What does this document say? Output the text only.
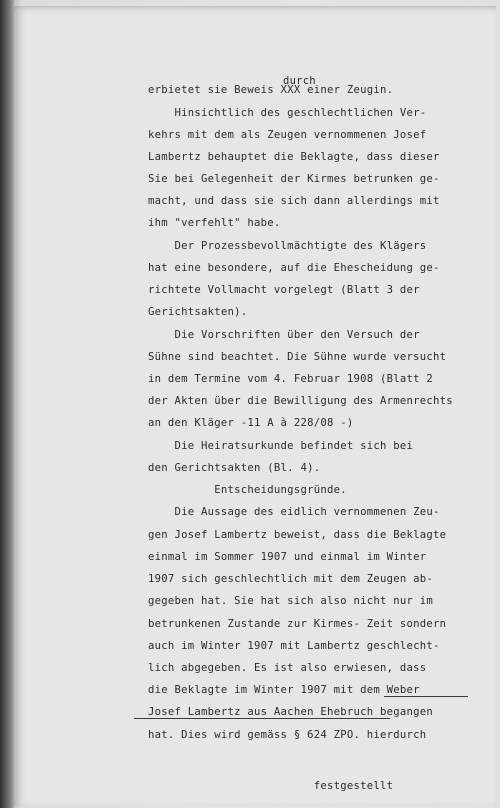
durch
erbietet sie Beweis XXX einer Zeugin.
Hinsichtlich des geschlechtlichen Ver-
kehrs mit dem als Zeugen vernommenen Josef
Lambertz behauptet die Beklagte, dass dieser
Sie bei Gelegenheit der Kirmes betrunken ge-
macht, und dass sie sich dann allerdings mit
ihm "verfehlt" habe.
Der Prozessbevollmächtigte des Klägers
hat eine besondere, auf die Ehescheidung ge-
richtete Vollmacht vorgelegt (Blatt 3 der
Gerichtsakten).
Die Vorschriften über den Versuch der
Sühne sind beachtet. Die Sühne wurde versucht
in dem Termine vom 4. Februar 1908 (Blatt 2
der Akten über die Bewilligung des Armenrechts
an den Kläger -11 A à 228/08 -)
Die Heiratsurkunde befindet sich bei
den Gerichtsakten (Bl. 4).
Entscheidungsgründe.
Die Aussage des eidlich vernommenen Zeu-
gen Josef Lambertz beweist, dass die Beklagte
einmal im Sommer 1907 und einmal im Winter
1907 sich geschlechtlich mit dem Zeugen ab-
gegeben hat. Sie hat sich also nicht nur im
betrunkenen Zustande zur Kirmes- Zeit sondern
auch im Winter 1907 mit Lambertz geschlecht-
lich abgegeben. Es ist also erwiesen, dass
die Beklagte im Winter 1907 mit dem Weber
Josef Lambertz aus Aachen Ehebruch begangen
hat. Dies wird gemäss § 624 ZPO. hierdurch
festgestellt
